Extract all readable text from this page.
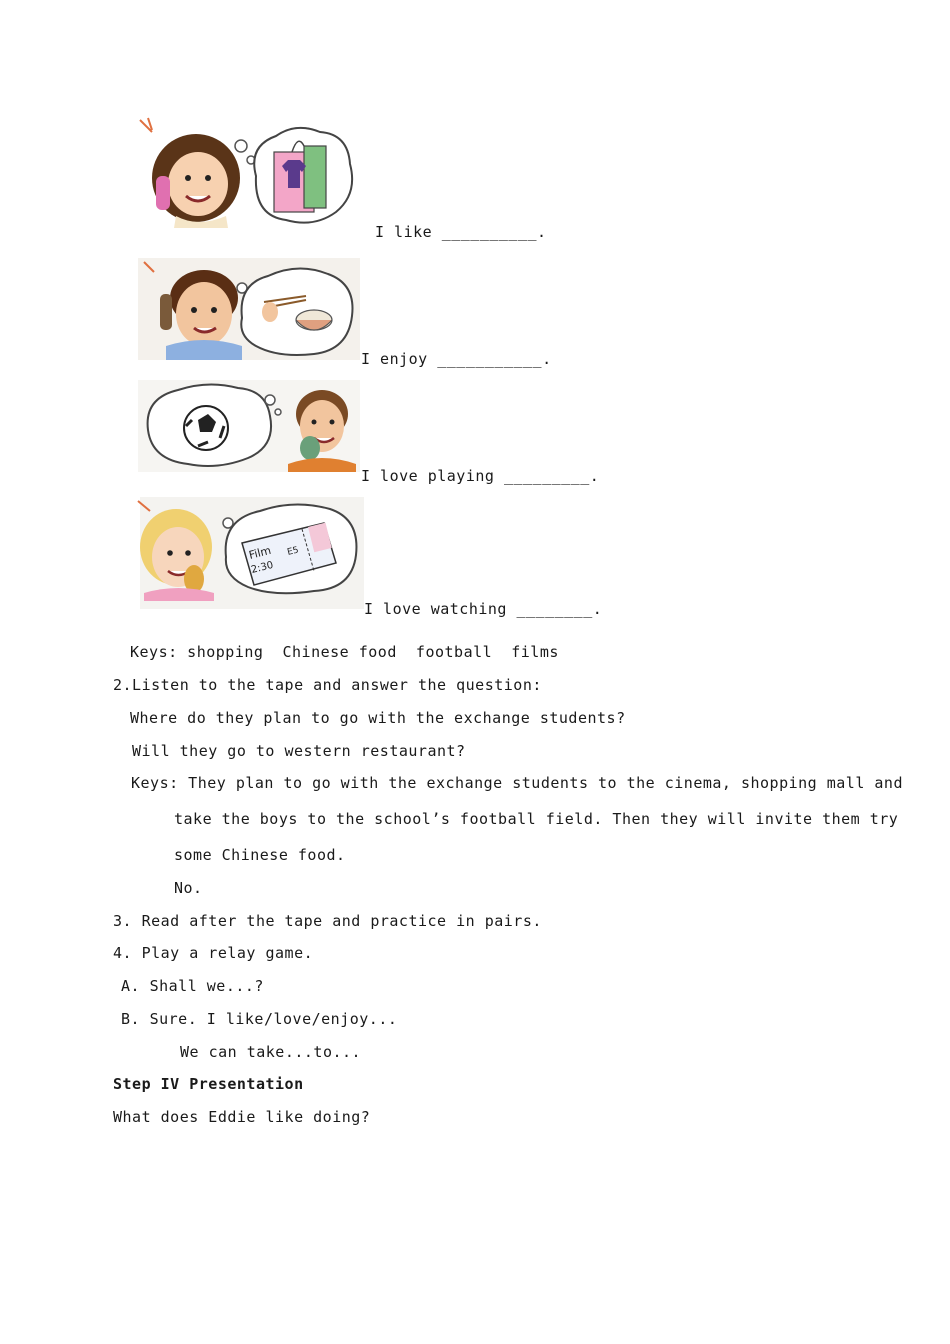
I like __________.
I enjoy ___________.
I love playing _________.
Film
2:30
E5
I love watching ________.
Keys: shopping  Chinese food  football  films
2.Listen to the tape and answer the question:
Where do they plan to go with the exchange students?
Will they go to western restaurant?
Keys: They plan to go with the exchange students to the cinema, shopping mall and
take the boys to the school’s football field. Then they will invite them try
some Chinese food.
No.
3. Read after the tape and practice in pairs.
4. Play a relay game.
A. Shall we...?
B. Sure. I like/love/enjoy...
We can take...to...
Step IV Presentation
What does Eddie like doing?
